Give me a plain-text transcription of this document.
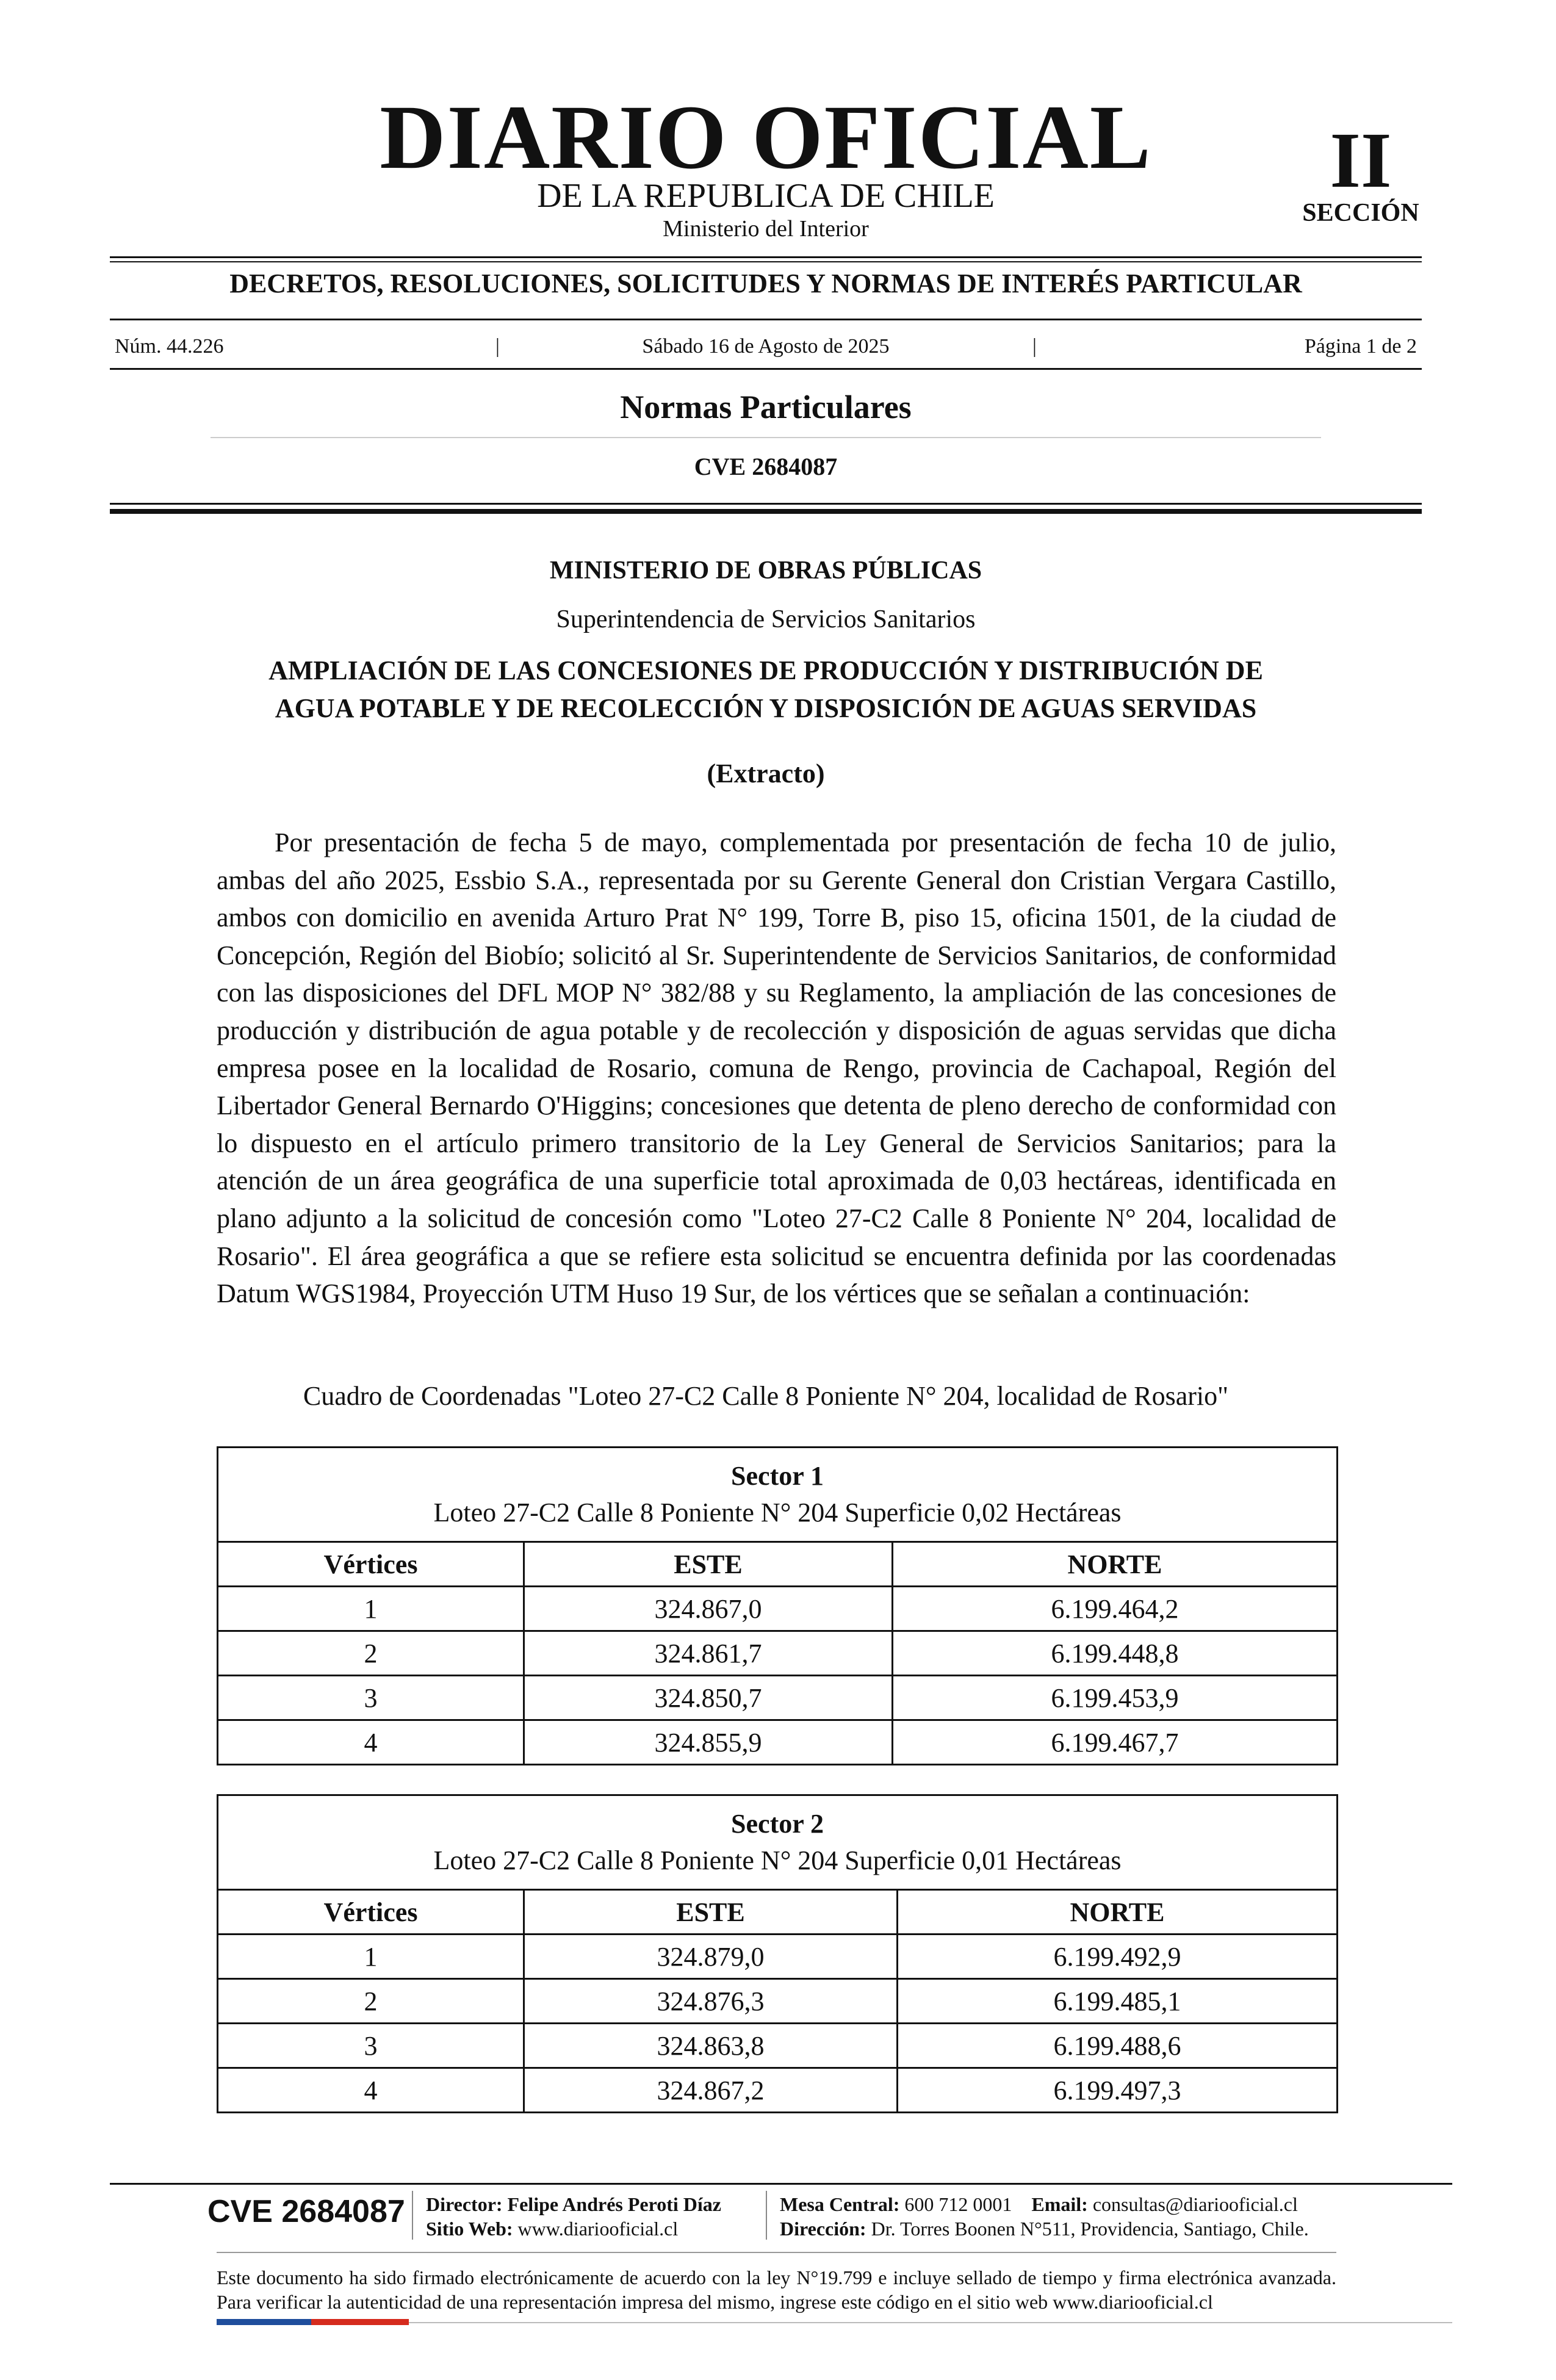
DIARIO OFICIAL
DE LA REPUBLICA DE CHILE
Ministerio del Interior
II
SECCIÓN
DECRETOS, RESOLUCIONES, SOLICITUDES Y NORMAS DE INTERÉS PARTICULAR
Núm. 44.226	|	Sábado 16 de Agosto de 2025	|	Página 1 de 2
Normas Particulares
CVE 2684087
MINISTERIO DE OBRAS PÚBLICAS
Superintendencia de Servicios Sanitarios
AMPLIACIÓN DE LAS CONCESIONES DE PRODUCCIÓN Y DISTRIBUCIÓN DE
AGUA POTABLE Y DE RECOLECCIÓN Y DISPOSICIÓN DE AGUAS SERVIDAS
(Extracto)
Por presentación de fecha 5 de mayo, complementada por presentación de fecha 10 de julio, ambas del año 2025, Essbio S.A., representada por su Gerente General don Cristian Vergara Castillo, ambos con domicilio en avenida Arturo Prat N° 199, Torre B, piso 15, oficina 1501, de la ciudad de Concepción, Región del Biobío; solicitó al Sr. Superintendente de Servicios Sanitarios, de conformidad con las disposiciones del DFL MOP N° 382/88 y su Reglamento, la ampliación de las concesiones de producción y distribución de agua potable y de recolección y disposición de aguas servidas que dicha empresa posee en la localidad de Rosario, comuna de Rengo, provincia de Cachapoal, Región del Libertador General Bernardo O'Higgins; concesiones que detenta de pleno derecho de conformidad con lo dispuesto en el artículo primero transitorio de la Ley General de Servicios Sanitarios; para la atención de un área geográfica de una superficie total aproximada de 0,03 hectáreas, identificada en plano adjunto a la solicitud de concesión como "Loteo 27-C2 Calle 8 Poniente N° 204, localidad de Rosario". El área geográfica a que se refiere esta solicitud se encuentra definida por las coordenadas Datum WGS1984, Proyección UTM Huso 19 Sur, de los vértices que se señalan a continuación:
Cuadro de Coordenadas "Loteo 27-C2 Calle 8 Poniente N° 204, localidad de Rosario"
Sector 1
Loteo 27-C2 Calle 8 Poniente N° 204 Superficie 0,02 Hectáreas		

Vértices	ESTE	NORTE
1	324.867,0	6.199.464,2
2	324.861,7	6.199.448,8
3	324.850,7	6.199.453,9
4	324.855,9	6.199.467,7
Sector 2
Loteo 27-C2 Calle 8 Poniente N° 204 Superficie 0,01 Hectáreas		

Vértices	ESTE	NORTE
1	324.879,0	6.199.492,9
2	324.876,3	6.199.485,1
3	324.863,8	6.199.488,6
4	324.867,2	6.199.497,3
CVE 2684087 Director: Felipe Andrés Peroti Díaz
Sitio Web: www.diariooficial.cl
Mesa Central: 600 712 0001 Email: consultas@diariooficial.cl
Dirección: Dr. Torres Boonen N°511, Providencia, Santiago, Chile.
Este documento ha sido firmado electrónicamente de acuerdo con la ley N°19.799 e incluye sellado de tiempo y firma electrónica avanzada. Para verificar la autenticidad de una representación impresa del mismo, ingrese este código en el sitio web www.diariooficial.cl
